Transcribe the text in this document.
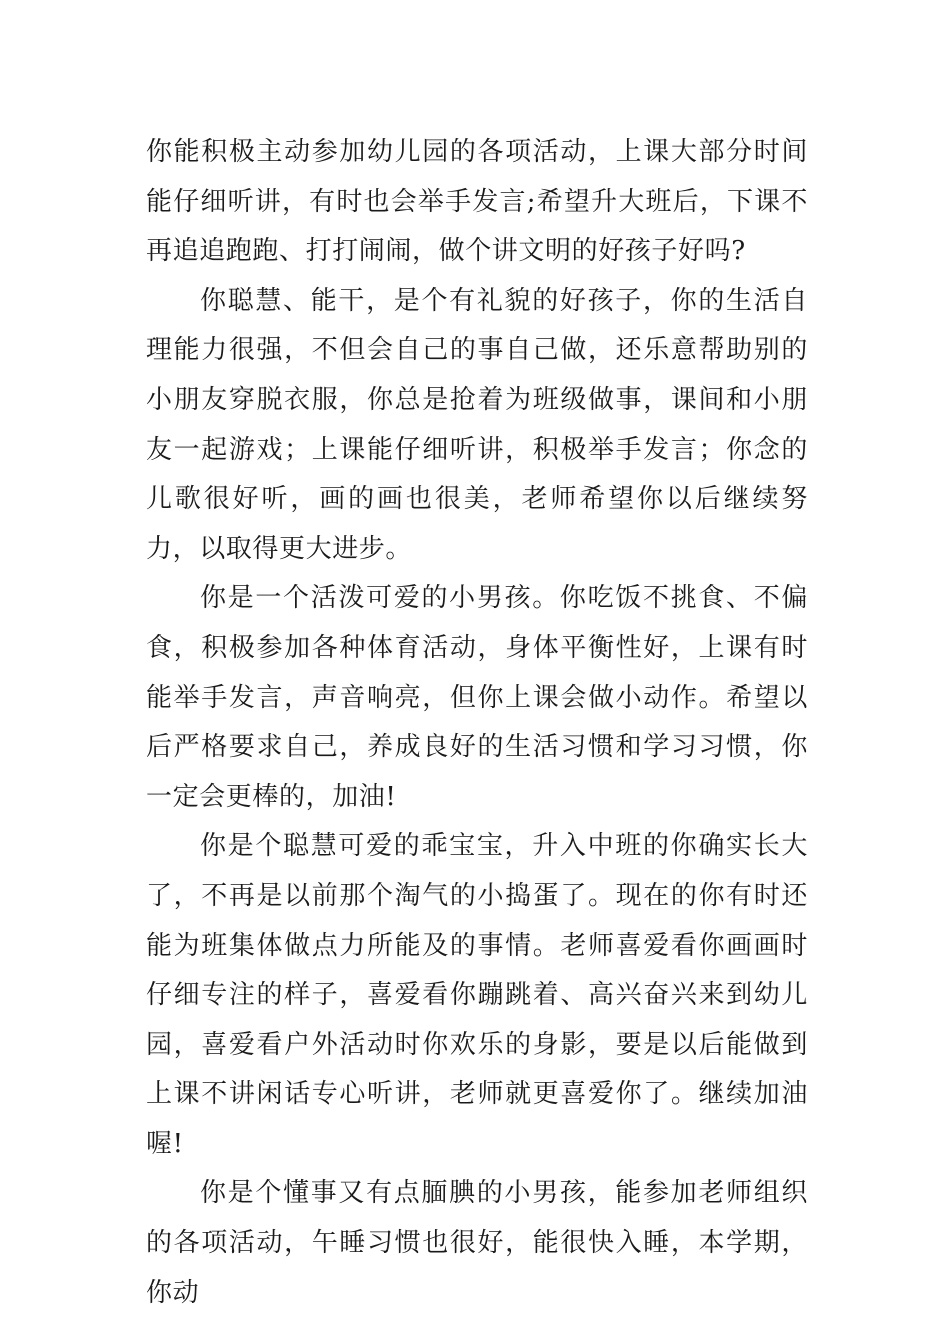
你能积极主动参加幼儿园的各项活动，上课大部分时间能仔细听讲，有时也会举手发言;希望升大班后，下课不再追追跑跑、打打闹闹，做个讲文明的好孩子好吗?

你聪慧、能干，是个有礼貌的好孩子，你的生活自理能力很强，不但会自己的事自己做，还乐意帮助别的小朋友穿脱衣服，你总是抢着为班级做事，课间和小朋友一起游戏；上课能仔细听讲，积极举手发言；你念的儿歌很好听，画的画也很美，老师希望你以后继续努力，以取得更大进步。

你是一个活泼可爱的小男孩。你吃饭不挑食、不偏食，积极参加各种体育活动，身体平衡性好，上课有时能举手发言，声音响亮，但你上课会做小动作。希望以后严格要求自己，养成良好的生活习惯和学习习惯，你一定会更棒的，加油!

你是个聪慧可爱的乖宝宝，升入中班的你确实长大了，不再是以前那个淘气的小捣蛋了。现在的你有时还能为班集体做点力所能及的事情。老师喜爱看你画画时仔细专注的样子，喜爱看你蹦跳着、高兴奋兴来到幼儿园，喜爱看户外活动时你欢乐的身影，要是以后能做到上课不讲闲话专心听讲，老师就更喜爱你了。继续加油喔!

你是个懂事又有点腼腆的小男孩，能参加老师组织的各项活动，午睡习惯也很好，能很快入睡，本学期，你动
